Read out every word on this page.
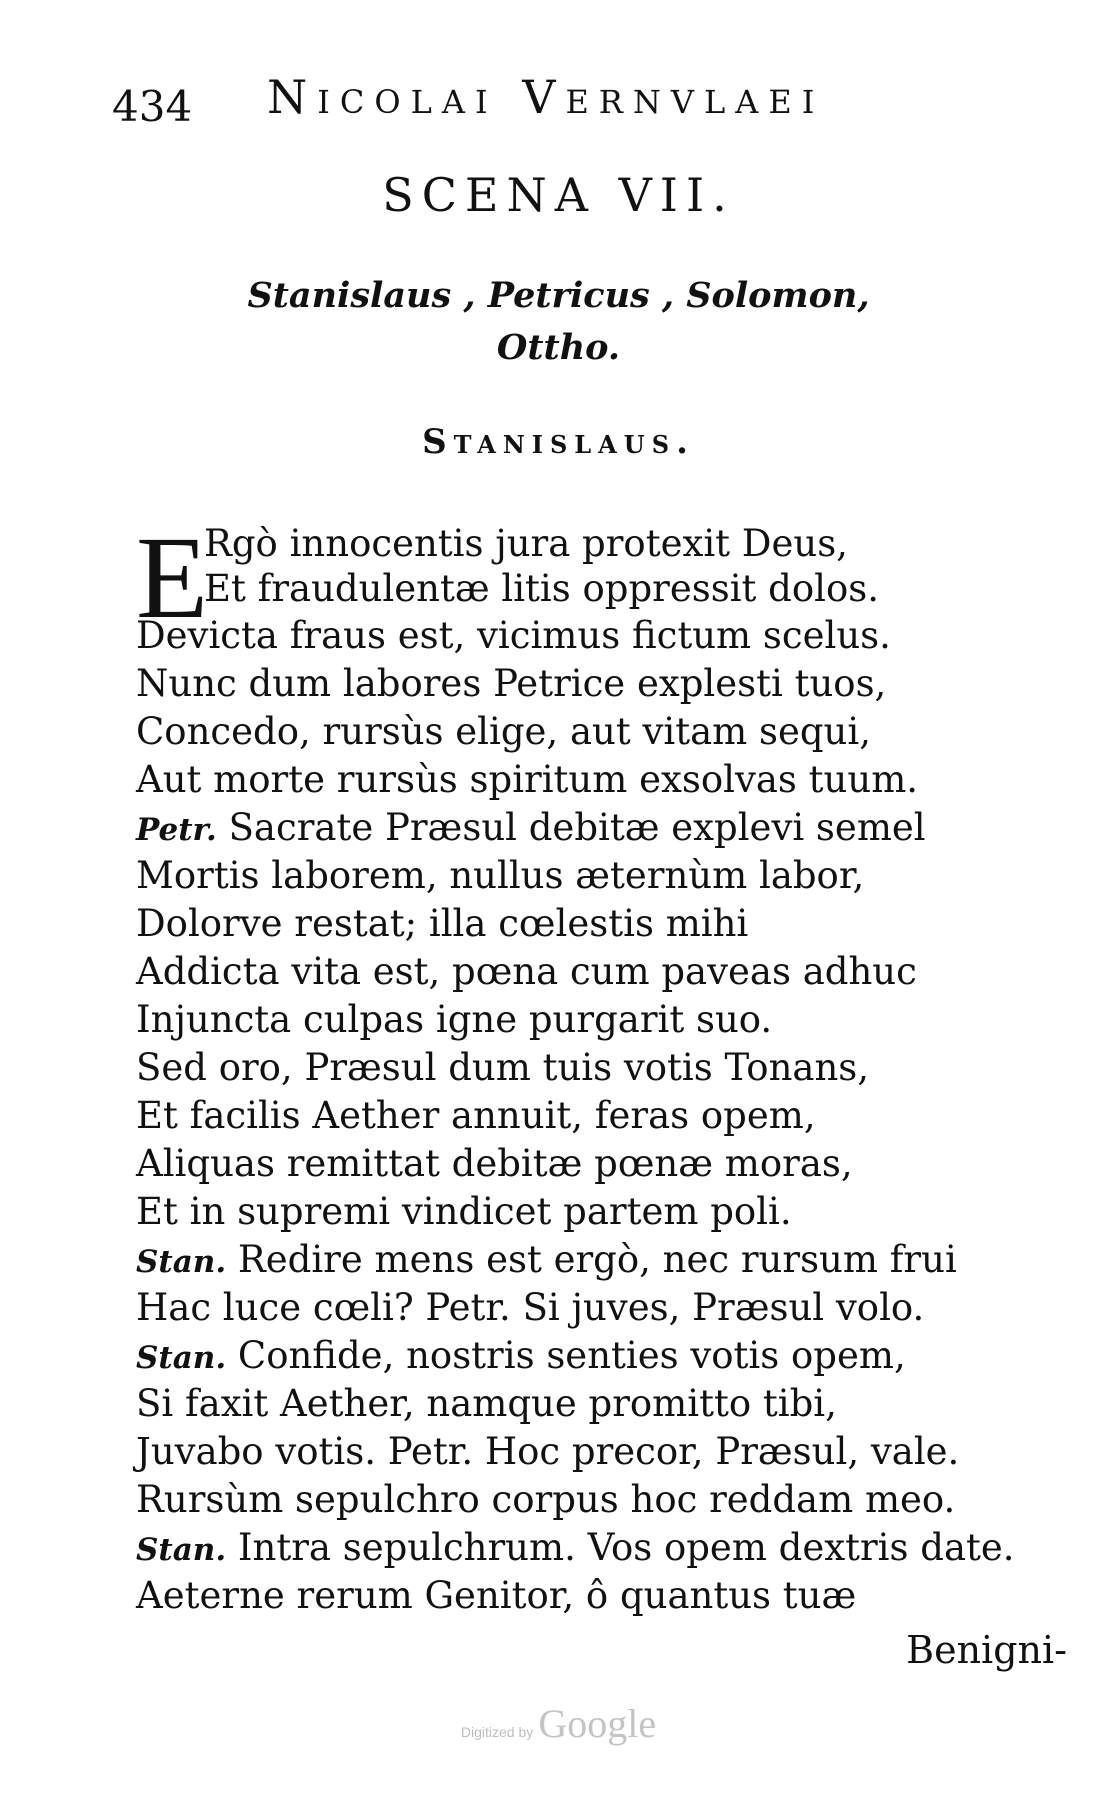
434 Nicolai Vernvlaei
SCENA VII.
Stanislaus , Petricus , Solomon,
Ottho.
Stanislaus.
E
Rgò innocentis jura protexit Deus,
Et fraudulentæ litis oppressit dolos.
Devicta fraus est, vicimus fictum scelus.
Nunc dum labores Petrice explesti tuos,
Concedo, rursùs elige, aut vitam sequi,
Aut morte rursùs spiritum exsolvas tuum.
Petr. Sacrate Præsul debitæ explevi semel
Mortis laborem, nullus æternùm labor,
Dolorve restat; illa cœlestis mihi
Addicta vita est, pœna cum paveas adhuc
Injuncta culpas igne purgarit suo.
Sed oro, Præsul dum tuis votis Tonans,
Et facilis Aether annuit, feras opem,
Aliquas remittat debitæ pœnæ moras,
Et in supremi vindicet partem poli.
Stan. Redire mens est ergò, nec rursum frui
Hac luce cœli? Petr. Si juves, Præsul volo.
Stan. Confide, nostris senties votis opem,
Si faxit Aether, namque promitto tibi,
Juvabo votis. Petr. Hoc precor, Præsul, vale.
Rursùm sepulchro corpus hoc reddam meo.
Stan. Intra sepulchrum. Vos opem dextris date.
Aeterne rerum Genitor, ô quantus tuæ
Benigni-
Digitized by Google
